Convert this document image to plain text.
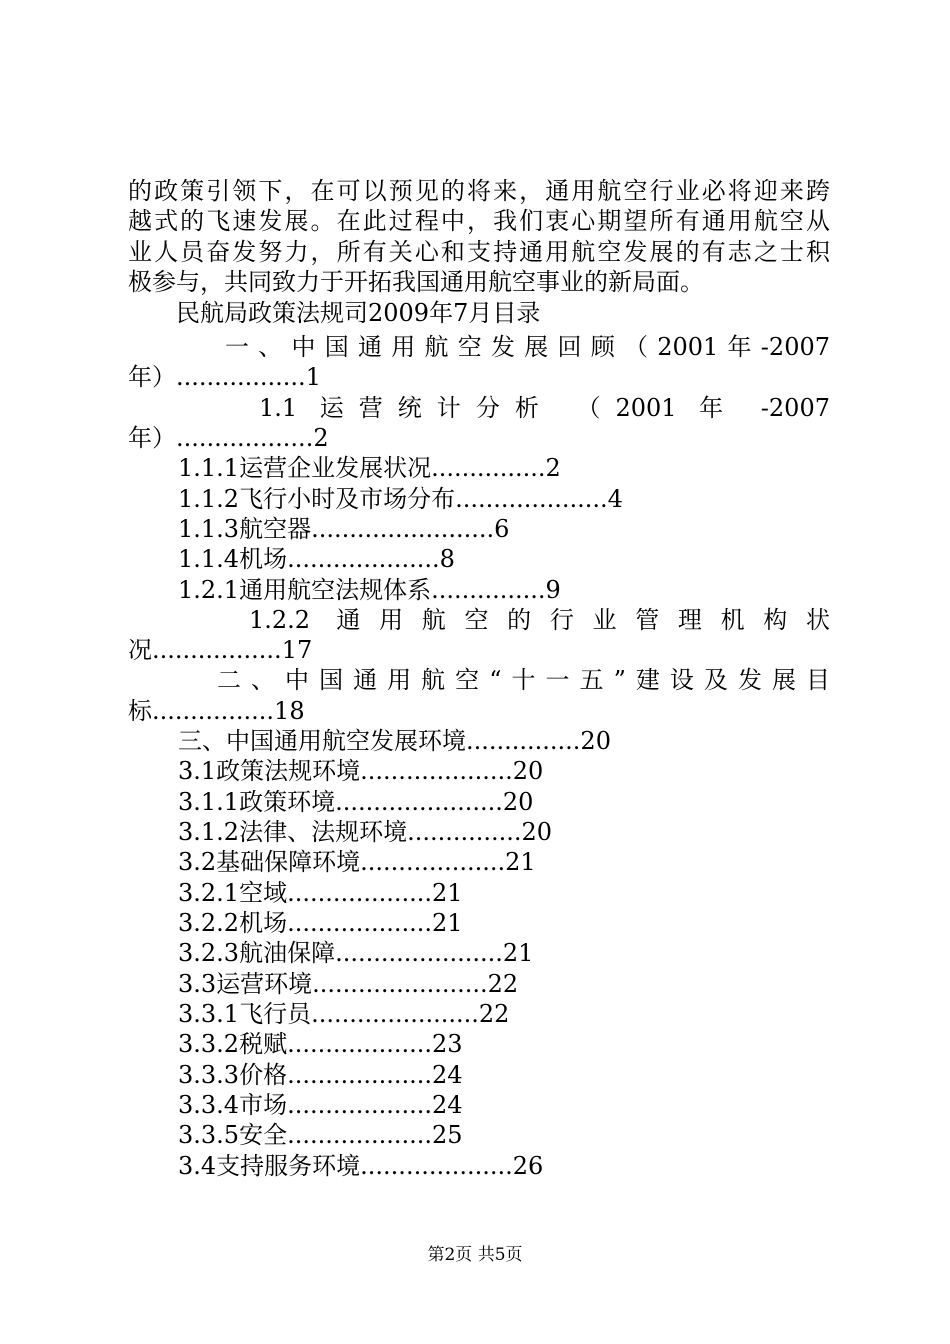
的政策引领下，在可以预见的将来，通用航空行业必将迎来跨
越式的飞速发展。在此过程中，我们衷心期望所有通用航空从
业人员奋发努力，所有关心和支持通用航空发展的有志之士积
极参与，共同致力于开拓我国通用航空事业的新局面。
民航局政策法规司2009年7月目录
一、中国通用航空发展回顾（2001年-2007
年）.................1
1.1 运营统计分析 （2001 年 -2007
年）..................2
1.1.1运营企业发展状况...............2
1.1.2飞行小时及市场分布....................4
1.1.3航空器........................6
1.1.4机场....................8
1.2.1通用航空法规体系...............9
1.2.2 通用航空的行业管理机构状
况.................17
二、中国通用航空“十一五”建设及发展目
标................18
三、中国通用航空发展环境...............20
3.1政策法规环境....................20
3.1.1政策环境......................20
3.1.2法律、法规环境...............20
3.2基础保障环境...................21
3.2.1空域...................21
3.2.2机场...................21
3.2.3航油保障......................21
3.3运营环境.......................22
3.3.1飞行员......................22
3.3.2税赋...................23
3.3.3价格...................24
3.3.4市场...................24
3.3.5安全...................25
3.4支持服务环境....................26
第2页 共5页
